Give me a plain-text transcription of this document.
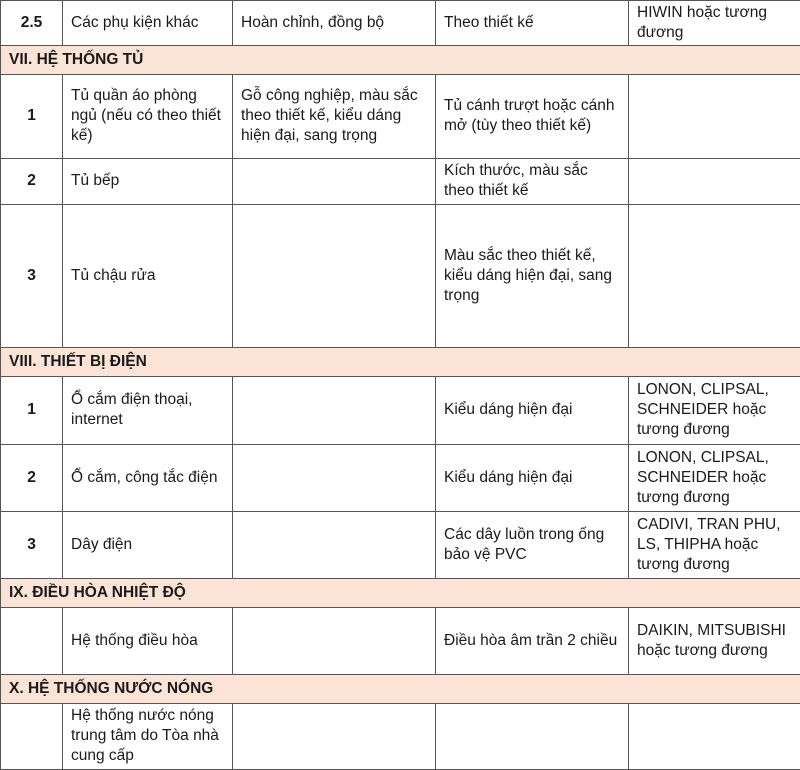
2.5	Các phụ kiện khác	Hoàn chỉnh, đồng bộ	Theo thiết kế	HIWIN hoặc tương đương
VII. HỆ THỐNG TỦ				
1	Tủ quần áo phòng ngủ (nếu có theo thiết kế)	Gỗ công nghiệp, màu sắc theo thiết kế, kiểu dáng hiện đại, sang trọng	Tủ cánh trượt hoặc cánh mở (tùy theo thiết kế)	
2	Tủ bếp		Kích thước, màu sắc theo thiết kế	
3	Tủ chậu rửa		Màu sắc theo thiết kế, kiểu dáng hiện đại, sang trọng	
VIII. THIẾT BỊ ĐIỆN				
1	Ổ cắm điện thoại, internet		Kiểu dáng hiện đại	LONON, CLIPSAL, SCHNEIDER hoặc tương đương
2	Ổ cắm, công tắc điện		Kiểu dáng hiện đại	LONON, CLIPSAL, SCHNEIDER hoặc tương đương
3	Dây điện		Các dây luồn trong ống bảo vệ PVC	CADIVI, TRAN PHU, LS, THIPHA hoặc tương đương
IX. ĐIỀU HÒA NHIỆT ĐỘ				
	Hệ thống điều hòa		Điều hòa âm trần 2 chiều	DAIKIN, MITSUBISHI hoặc tương đương
X. HỆ THỐNG NƯỚC NÓNG				
	Hệ thống nước nóng trung tâm do Tòa nhà cung cấp			
